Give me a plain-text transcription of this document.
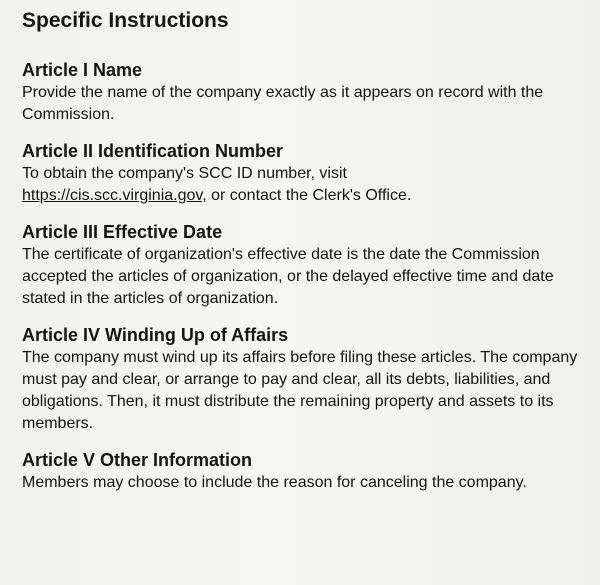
Specific Instructions
Article I Name

Provide the name of the company exactly as it appears on record with the Commission.

Article II Identification Number

To obtain the company's SCC ID number, visit
https://cis.scc.virginia.gov, or contact the Clerk's Office.

Article III Effective Date

The certificate of organization's effective date is the date the Commission accepted the articles of organization, or the delayed effective time and date stated in the articles of organization.

Article IV Winding Up of Affairs

The company must wind up its affairs before filing these articles. The company must pay and clear, or arrange to pay and clear, all its debts, liabilities, and obligations. Then, it must distribute the remaining property and assets to its members.

Article V Other Information

Members may choose to include the reason for canceling the company.
